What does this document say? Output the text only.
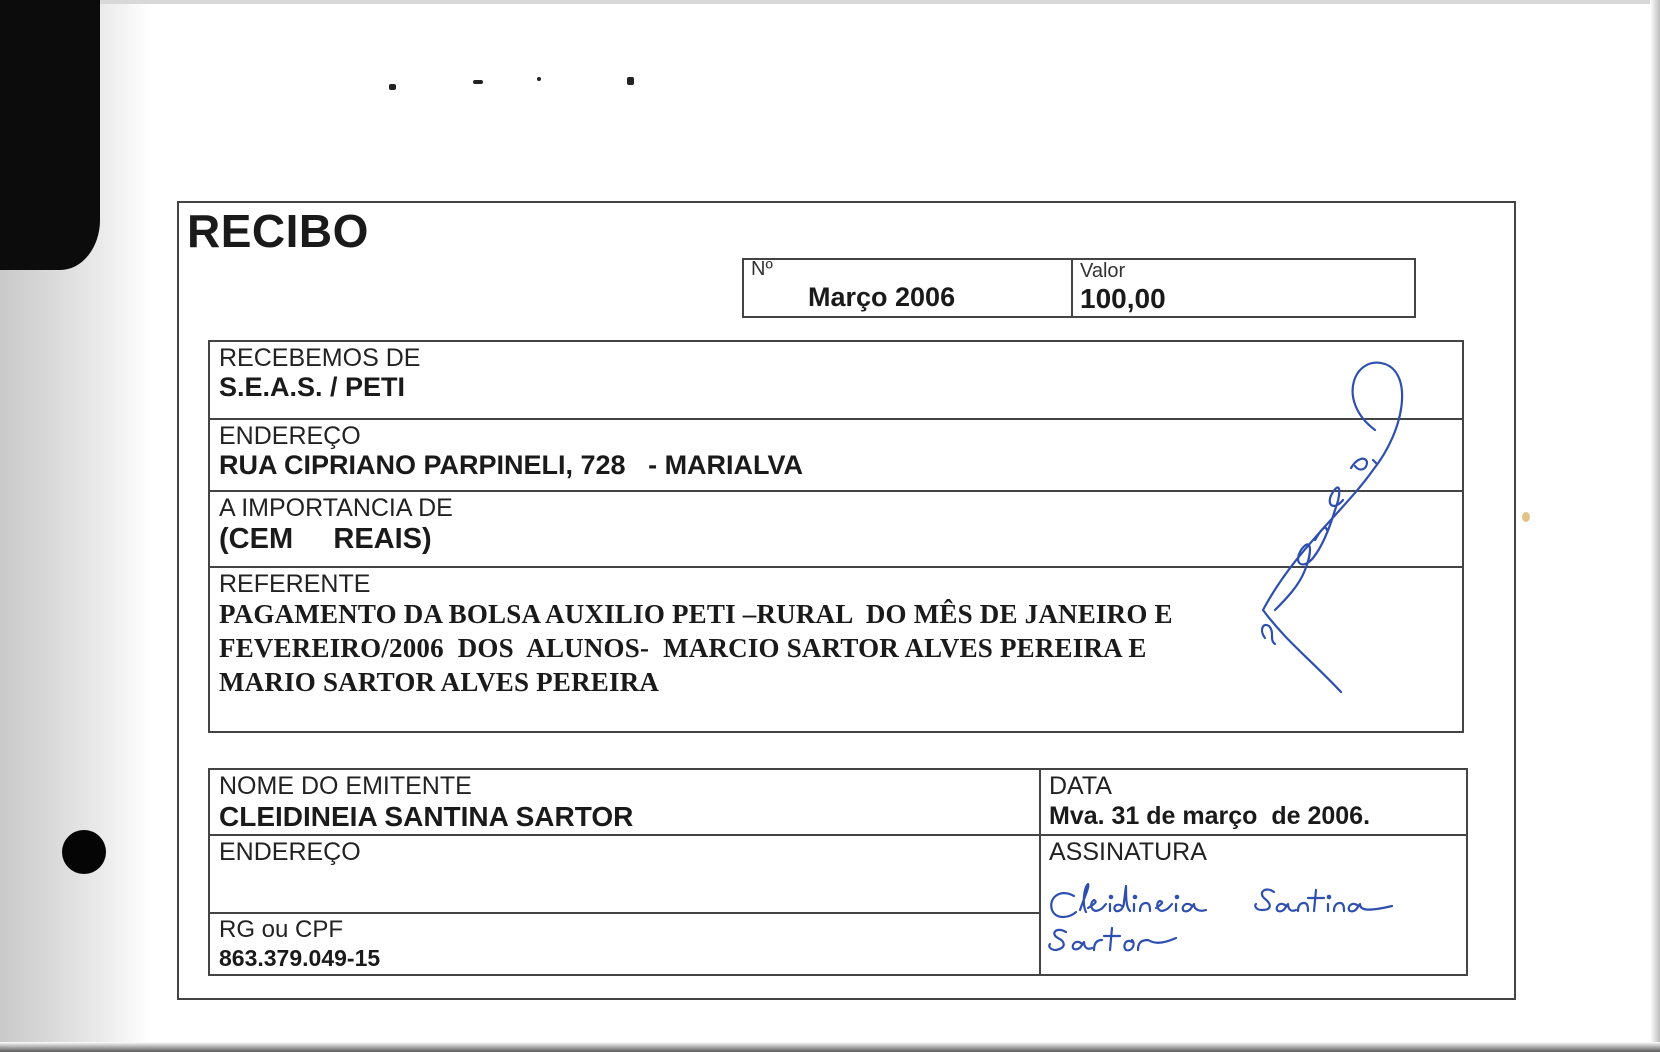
RECIBO
Nº
Março 2006
Valor
100,00
RECEBEMOS DE
S.E.A.S. / PETI
ENDEREÇO
RUA CIPRIANO PARPINELI, 728   - MARIALVA
A IMPORTANCIA DE
(CEM     REAIS)
REFERENTE
PAGAMENTO DA BOLSA AUXILIO PETI –RURAL  DO MÊS DE JANEIRO E
FEVEREIRO/2006  DOS  ALUNOS-  MARCIO SARTOR ALVES PEREIRA E
MARIO SARTOR ALVES PEREIRA
NOME DO EMITENTE
CLEIDINEIA SANTINA SARTOR
DATA
Mva. 31 de março  de 2006.
ENDEREÇO	ASSINATURA
RG ou CPF
863.379.049-15
